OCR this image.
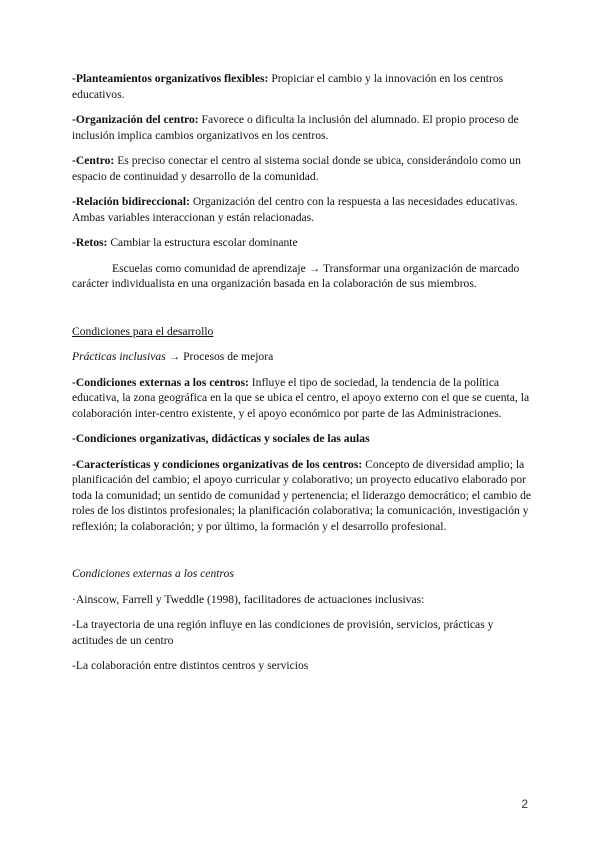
-Planteamientos organizativos flexibles: Propiciar el cambio y la innovación en los centros educativos.

-Organización del centro: Favorece o dificulta la inclusión del alumnado. El propio proceso de inclusión implica cambios organizativos en los centros.

-Centro: Es preciso conectar el centro al sistema social donde se ubica, considerándolo como un espacio de continuidad y desarrollo de la comunidad.

-Relación bidireccional: Organización del centro con la respuesta a las necesidades educativas. Ambas variables interaccionan y están relacionadas.

-Retos: Cambiar la estructura escolar dominante

Escuelas como comunidad de aprendizaje → Transformar una organización de marcado carácter individualista en una organización basada en la colaboración de sus miembros.

Condiciones para el desarrollo

Prácticas inclusivas → Procesos de mejora

-Condiciones externas a los centros: Influye el tipo de sociedad, la tendencia de la política educativa, la zona geográfica en la que se ubica el centro, el apoyo externo con el que se cuenta, la colaboración inter-centro existente, y el apoyo económico por parte de las Administraciones.

-Condiciones organizativas, didácticas y sociales de las aulas

-Características y condiciones organizativas de los centros: Concepto de diversidad amplio; la planificación del cambio; el apoyo curricular y colaborativo; un proyecto educativo elaborado por toda la comunidad; un sentido de comunidad y pertenencia; el liderazgo democrático; el cambio de roles de los distintos profesionales; la planificación colaborativa; la comunicación, investigación y reflexión; la colaboración; y por último, la formación y el desarrollo profesional.

Condiciones externas a los centros

·Ainscow, Farrell y Tweddle (1998), facilitadores de actuaciones inclusivas:

-La trayectoria de una región influye en las condiciones de provisión, servicios, prácticas y actitudes de un centro

-La colaboración entre distintos centros y servicios

2
